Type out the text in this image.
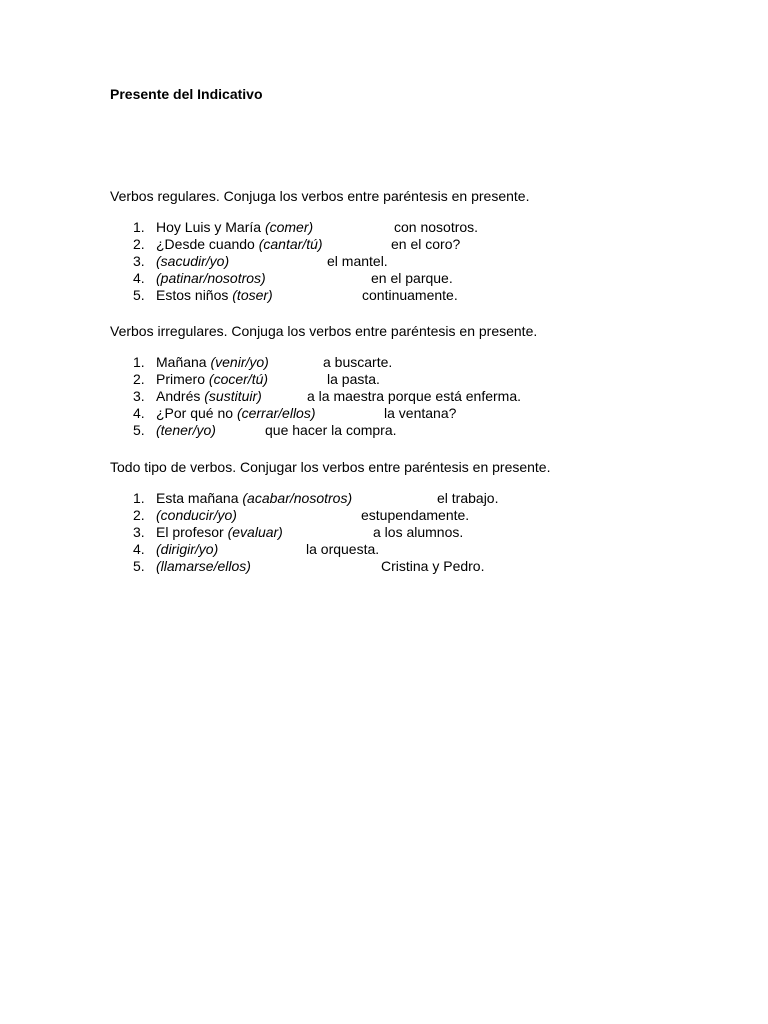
Presente del Indicativo
Verbos regulares. Conjuga los verbos entre paréntesis en presente.
1. Hoy Luis y María (comer)	con nosotros.
2. ¿Desde cuando (cantar/tú)	en el coro?
3. (sacudir/yo)	el mantel.
4. (patinar/nosotros)	en el parque.
5. Estos niños (toser)	continuamente.
Verbos irregulares. Conjuga los verbos entre paréntesis en presente.
1. Mañana (venir/yo)	a buscarte.
2. Primero (cocer/tú)	la pasta.
3. Andrés (sustituir)	a la maestra porque está enferma.
4. ¿Por qué no (cerrar/ellos)	la ventana?
5. (tener/yo)	que hacer la compra.
Todo tipo de verbos. Conjugar los verbos entre paréntesis en presente.
1. Esta mañana (acabar/nosotros)	el trabajo.
2. (conducir/yo)	estupendamente.
3. El profesor (evaluar)	a los alumnos.
4. (dirigir/yo)	la orquesta.
5. (llamarse/ellos)	Cristina y Pedro.
